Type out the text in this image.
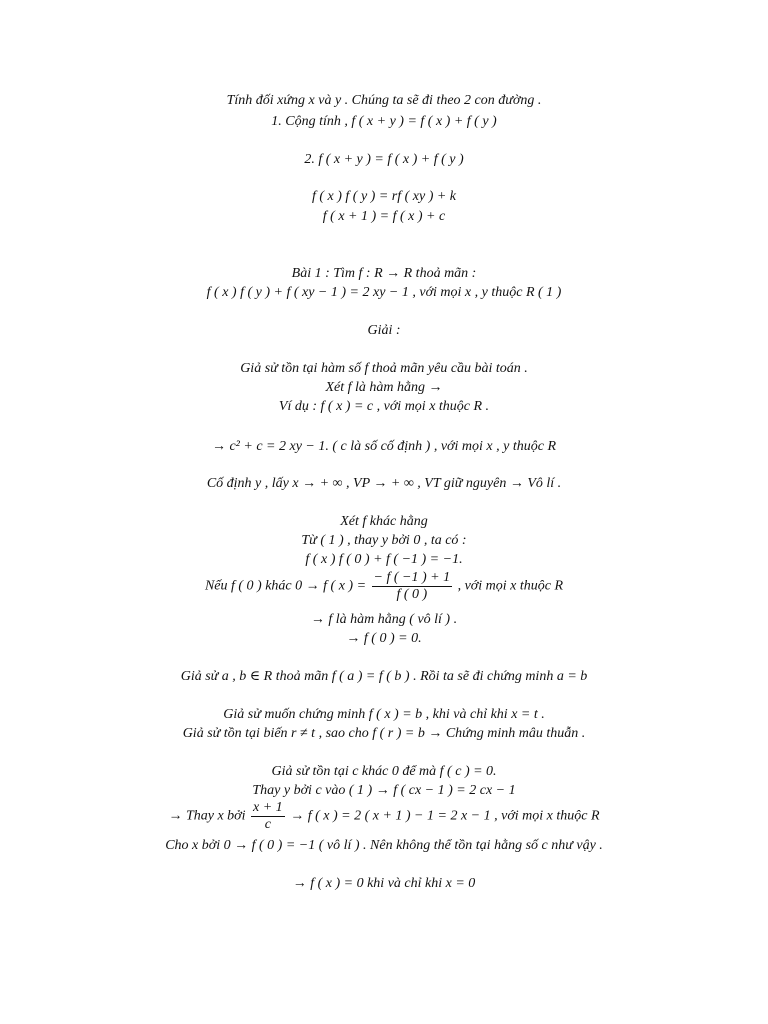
Tính đối xứng x và y . Chúng ta sẽ đi theo 2 con đường .
1. Cộng tính , f ( x + y ) = f ( x ) + f ( y )
2. f ( x + y ) = f ( x ) + f ( y )
f ( x ) f ( y ) = rf ( xy ) + k
f ( x + 1 ) = f ( x ) + c
Bài 1 : Tìm f : R → R thoả mãn :
f ( x ) f ( y ) + f ( xy − 1 ) = 2 xy − 1 , với mọi x , y thuộc R ( 1 )
Giải :
Giả sử tồn tại hàm số f thoả mãn yêu cầu bài toán .
Xét f là hàm hằng →
Ví dụ : f ( x ) = c , với mọi x thuộc R .
→ c² + c = 2 xy − 1. ( c là số cố định ) , với mọi x , y thuộc R
Cố định y , lấy x → + ∞ , VP → + ∞ , VT giữ nguyên → Vô lí .
Xét f khác hằng
Từ ( 1 ) , thay y bởi 0 , ta có :
f ( x ) f ( 0 ) + f ( −1 ) = −1.
Nếu f ( 0 ) khác 0 → f ( x ) = $\frac{- f ( -1 ) + 1}{f ( 0 )}$ , với mọi x thuộc R
→ f là hàm hằng ( vô lí ) .
→ f ( 0 ) = 0.
Giả sử a , b ∈ R thoả mãn f ( a ) = f ( b ) . Rồi ta sẽ đi chứng minh a = b
Giả sử muốn chứng minh f ( x ) = b , khi và chỉ khi x = t .
Giả sử tồn tại biến r ≠ t , sao cho f ( r ) = b → Chứng minh mâu thuẫn .
Giả sử tồn tại c khác 0 để mà f ( c ) = 0.
Thay y bởi c vào ( 1 ) → f ( cx − 1 ) = 2 cx − 1
→ Thay x bởi $\frac{x + 1}{c} \to f$ ( x ) = 2 ( x + 1 ) − 1 = 2 x − 1 , với mọi x thuộc R
Cho x bởi 0 → f ( 0 ) = −1 ( vô lí ) . Nên không thể tồn tại hằng số c như vậy .
→ f ( x ) = 0 khi và chỉ khi x = 0
